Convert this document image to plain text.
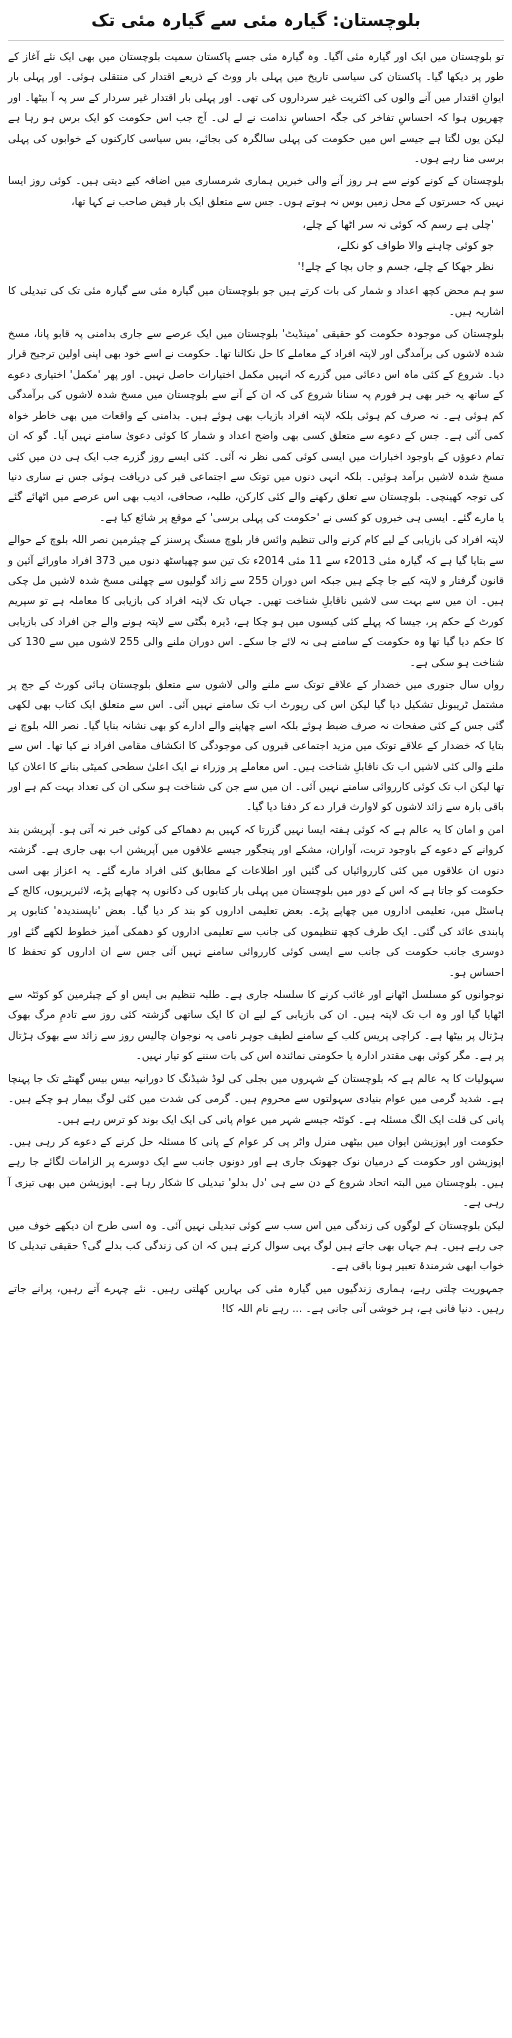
بلوچستان: گیارہ مئی سے گیارہ مئی تک

تو بلوچستان میں ایک اور گیارہ مئی آگیا۔ وہ گیارہ مئی جسے پاکستان سمیت بلوچستان میں بھی ایک نئے آغاز کے طور پر دیکھا گیا۔ پاکستان کی سیاسی تاریخ میں پہلی بار ووٹ کے ذریعے اقتدار کی منتقلی ہوئی۔ اور پہلی بار ایوانِ اقتدار میں آنے والوں کی اکثریت غیر سرداروں کی تھی۔ اور پہلی بار اقتدار غیر سردار کے سر پہ آ بیٹھا۔ اور چھریوں ہوا کہ احساسِ تفاخر کی جگہ احساسِ ندامت نے لے لی۔ آج جب اس حکومت کو ایک برس ہو رہا ہے لیکن یوں لگتا ہے جیسے اس میں حکومت کی پہلی سالگرہ کی بجائے، بس سیاسی کارکنوں کے خوابوں کی پہلی برسی منا رہے ہوں۔

بلوچستان کے کونے کونے سے ہر روز آنے والی خبریں ہماری شرمساری میں اضافہ کیے دیتی ہیں۔ کوئی روز ایسا نہیں کہ حسرتوں کے محل زمیں بوس نہ ہوتے ہوں۔ جس سے متعلق ایک بار فیض صاحب نے کہا تھا،

'چلی ہے رسم کہ کوئی نہ سر اٹھا کے چلے،
جو کوئی چاہنے والا طواف کو نکلے،
نظر جھکا کے چلے، جسم و جاں بچا کے چلے!'

سو ہم محض کچھ اعداد و شمار کی بات کرتے ہیں جو بلوچستان میں گیارہ مئی سے گیارہ مئی تک کی تبدیلی کا اشاریہ ہیں۔

بلوچستان کی موجودہ حکومت کو حقیقی 'مینڈیٹ' بلوچستان میں ایک عرصے سے جاری بدامنی پہ قابو پانا، مسخ شدہ لاشوں کی برآمدگی اور لاپتہ افراد کے معاملے کا حل نکالنا تھا۔ حکومت نے اسے خود بھی اپنی اولین ترجیح قرار دیا۔ شروع کے کئی ماہ اس دعائی میں گزرے کہ انہیں مکمل اختیارات حاصل نہیں۔ اور پھر 'مکمل' اختیاری دعوے کے ساتھ یہ خبر بھی ہر فورم پہ سنانا شروع کی کہ ان کے آنے سے بلوچستان میں مسخ شدہ لاشوں کی برآمدگی کم ہوئی ہے۔ نہ صرف کم ہوئی بلکہ لاپتہ افراد بازیاب بھی ہوئے ہیں۔ بدامنی کے واقعات میں بھی خاطر خواہ کمی آئی ہے۔ جس کے دعوے سے متعلق کسی بھی واضح اعداد و شمار کا کوئی دعویٰ سامنے نہیں آیا۔ گو کہ ان تمام دعوؤں کے باوجود اخبارات میں ایسی کوئی کمی نظر نہ آئی۔ کئی ایسے روز گزرے جب ایک ہی دن میں کئی مسخ شدہ لاشیں برآمد ہوئیں۔ بلکہ انہی دنوں میں توتک سے اجتماعی قبر کی دریافت ہوئی جس نے ساری دنیا کی توجہ کھینچی۔ بلوچستان سے تعلق رکھنے والے کئی کارکن، طلبہ، صحافی، ادیب بھی اس عرصے میں اٹھائے گئے یا مارے گئے۔ ایسی ہی خبروں کو کسی نے 'حکومت کی پہلی برسی' کے موقع پر شائع کیا ہے۔

لاپتہ افراد کی بازیابی کے لیے کام کرنے والی تنظیم وائس فار بلوچ مسنگ پرسنز کے چیئرمین نصر اللہ بلوچ کے حوالے سے بتایا گیا ہے کہ گیارہ مئی 2013ء سے 11 مئی 2014ء تک تین سو چھیاسٹھ دنوں میں 373 افراد ماورائے آئین و قانون گرفتار و لاپتہ کیے جا چکے ہیں جبکہ اس دوران 255 سے زائد گولیوں سے چھلنی مسخ شدہ لاشیں مل چکی ہیں۔ ان میں سے بہت سی لاشیں ناقابلِ شناخت تھیں۔ جہاں تک لاپتہ افراد کی بازیابی کا معاملہ ہے تو سپریم کورٹ کے حکم پر، جیسا کہ پہلے کئی کیسوں میں ہو چکا ہے، ڈیرہ بگٹی سے لاپتہ ہونے والے جن افراد کی بازیابی کا حکم دیا گیا تھا وہ حکومت کے سامنے ہی نہ لائے جا سکے۔ اس دوران ملنے والی 255 لاشوں میں سے 130 کی شناخت ہو سکی ہے۔

رواں سال جنوری میں خضدار کے علاقے توتک سے ملنے والی لاشوں سے متعلق بلوچستان ہائی کورٹ کے جج پر مشتمل ٹریبونل تشکیل دیا گیا لیکن اس کی رپورٹ اب تک سامنے نہیں آئی۔ اس سے متعلق ایک کتاب بھی لکھی گئی جس کے کئی صفحات نہ صرف ضبط ہوئے بلکہ اسے چھاپنے والے ادارے کو بھی نشانہ بنایا گیا۔ نصر اللہ بلوچ نے بتایا کہ خضدار کے علاقے توتک میں مزید اجتماعی قبروں کی موجودگی کا انکشاف مقامی افراد نے کیا تھا۔ اس سے ملنے والی کئی لاشیں اب تک ناقابلِ شناخت ہیں۔ اس معاملے پر وزراء نے ایک اعلیٰ سطحی کمیٹی بنانے کا اعلان کیا تھا لیکن اب تک کوئی کارروائی سامنے نہیں آئی۔ ان میں سے جن کی شناخت ہو سکی ان کی تعداد بہت کم ہے اور باقی بارہ سے زائد لاشوں کو لاوارث قرار دے کر دفنا دیا گیا۔

امن و امان کا یہ عالم ہے کہ کوئی ہفتہ ایسا نہیں گزرتا کہ کہیں بم دھماکے کی کوئی خبر نہ آتی ہو۔ آپریشن بند کروانے کے دعوے کے باوجود تربت، آواران، مشکے اور پنجگور جیسے علاقوں میں آپریشن اب بھی جاری ہے۔ گزشتہ دنوں ان علاقوں میں کئی کارروائیاں کی گئیں اور اطلاعات کے مطابق کئی افراد مارے گئے۔ یہ اعزاز بھی اسی حکومت کو جاتا ہے کہ اس کے دور میں بلوچستان میں پہلی بار کتابوں کی دکانوں پہ چھاپے پڑے، لائبریریوں، کالج کے ہاسٹل میں، تعلیمی اداروں میں چھاپے پڑے۔ بعض تعلیمی اداروں کو بند کر دیا گیا۔ بعض 'ناپسندیدہ' کتابوں پر پابندی عائد کی گئی۔ ایک طرف کچھ تنظیموں کی جانب سے تعلیمی اداروں کو دھمکی آمیز خطوط لکھے گئے اور دوسری جانب حکومت کی جانب سے ایسی کوئی کارروائی سامنے نہیں آئی جس سے ان اداروں کو تحفظ کا احساس ہو۔

نوجوانوں کو مسلسل اٹھانے اور غائب کرنے کا سلسلہ جاری ہے۔ طلبہ تنظیم بی ایس او کے چیئرمین کو کوئٹہ سے اٹھایا گیا اور وہ اب تک لاپتہ ہیں۔ ان کی بازیابی کے لیے ان کا ایک ساتھی گزشتہ کئی روز سے تادمِ مرگ بھوک ہڑتال پر بیٹھا ہے۔ کراچی پریس کلب کے سامنے لطیف جوہر نامی یہ نوجوان چالیس روز سے زائد سے بھوک ہڑتال پر ہے۔ مگر کوئی بھی مقتدر ادارہ یا حکومتی نمائندہ اس کی بات سننے کو تیار نہیں۔

سہولیات کا یہ عالم ہے کہ بلوچستان کے شہروں میں بجلی کی لوڈ شیڈنگ کا دورانیہ بیس بیس گھنٹے تک جا پہنچا ہے۔ شدید گرمی میں عوام بنیادی سہولتوں سے محروم ہیں۔ گرمی کی شدت میں کئی لوگ بیمار ہو چکے ہیں۔ پانی کی قلت ایک الگ مسئلہ ہے۔ کوئٹہ جیسے شہر میں عوام پانی کی ایک ایک بوند کو ترس رہے ہیں۔

حکومت اور اپوزیشن ایوان میں بیٹھی منرل واٹر پی کر عوام کے پانی کا مسئلہ حل کرنے کے دعوے کر رہی ہیں۔ اپوزیشن اور حکومت کے درمیان نوک جھونک جاری ہے اور دونوں جانب سے ایک دوسرے پر الزامات لگائے جا رہے ہیں۔ بلوچستان میں البتہ اتحاد شروع کے دن سے ہی 'دل بدلو' تبدیلی کا شکار رہا ہے۔ اپوزیشن میں بھی تیزی آ رہی ہے۔

لیکن بلوچستان کے لوگوں کی زندگی میں اس سب سے کوئی تبدیلی نہیں آئی۔ وہ اسی طرح ان دیکھے خوف میں جی رہے ہیں۔ ہم جہاں بھی جاتے ہیں لوگ یہی سوال کرتے ہیں کہ ان کی زندگی کب بدلے گی؟ حقیقی تبدیلی کا خواب ابھی شرمندۂ تعبیر ہونا باقی ہے۔

جمہوریت چلتی رہے، ہماری زندگیوں میں گیارہ مئی کی بہاریں کھلتی رہیں۔ نئے چہرے آتے رہیں، پرانے جاتے رہیں۔ دنیا فانی ہے، ہر خوشی آنی جانی ہے۔ ... رہے نام اللہ کا!
